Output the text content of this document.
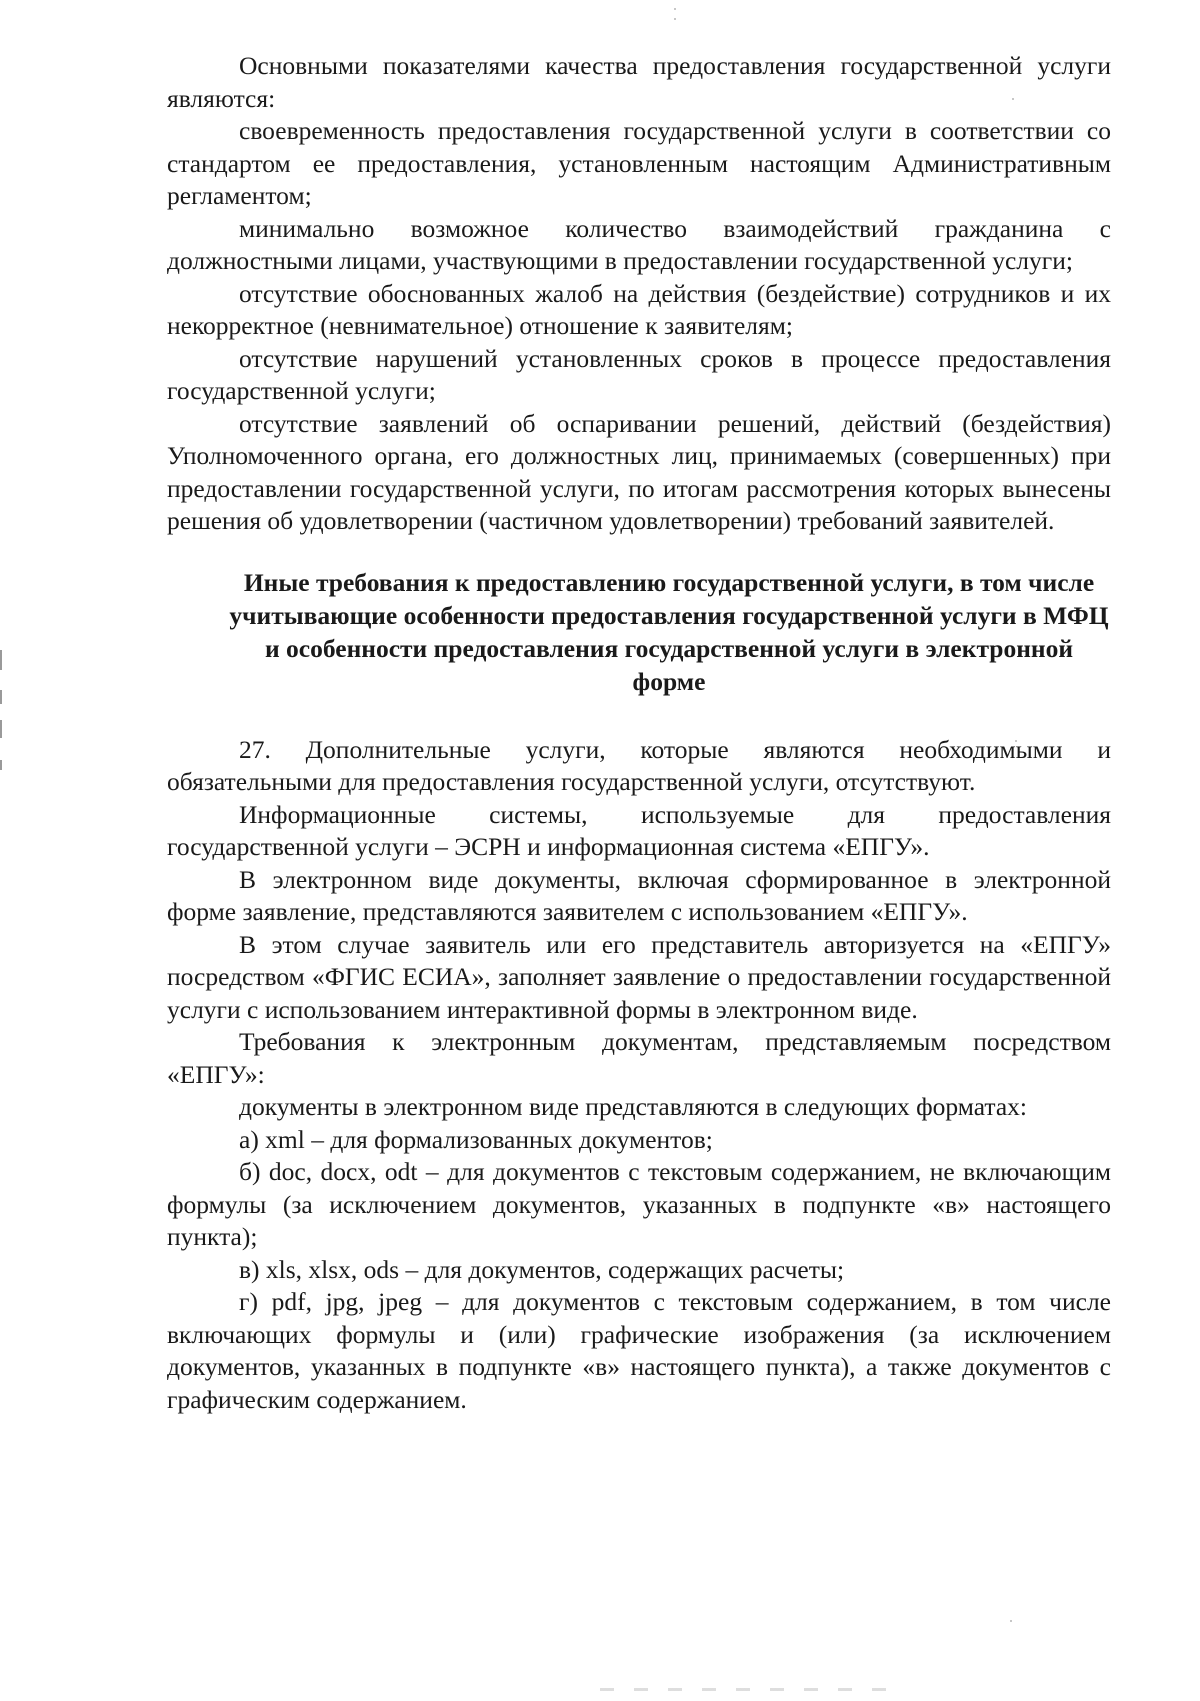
Основными показателями качества предоставления государственной услуги являются:

своевременность предоставления государственной услуги в соответствии со стандартом ее предоставления, установленным настоящим Административным регламентом;

минимально возможное количество взаимодействий гражданина с должностными лицами, участвующими в предоставлении государственной услуги;

отсутствие обоснованных жалоб на действия (бездействие) сотрудников и их некорректное (невнимательное) отношение к заявителям;

отсутствие нарушений установленных сроков в процессе предоставления государственной услуги;

отсутствие заявлений об оспаривании решений, действий (бездействия) Уполномоченного органа, его должностных лиц, принимаемых (совершенных) при предоставлении государственной услуги, по итогам рассмотрения которых вынесены решения об удовлетворении (частичном удовлетворении) требований заявителей.

Иные требования к предоставлению государственной услуги, в том числе учитывающие особенности предоставления государственной услуги в МФЦ и особенности предоставления государственной услуги в электронной форме

27. Дополнительные услуги, которые являются необходимыми и обязательными для предоставления государственной услуги, отсутствуют.

Информационные системы, используемые для предоставления государственной услуги – ЭСРН и информационная система «ЕПГУ».

В электронном виде документы, включая сформированное в электронной форме заявление, представляются заявителем с использованием «ЕПГУ».

В этом случае заявитель или его представитель авторизуется на «ЕПГУ» посредством «ФГИС ЕСИА», заполняет заявление о предоставлении государственной услуги с использованием интерактивной формы в электронном виде.

Требования к электронным документам, представляемым посредством «ЕПГУ»:

документы в электронном виде представляются в следующих форматах:

а) xml – для формализованных документов;

б) doc, docx, odt – для документов с текстовым содержанием, не включающим формулы (за исключением документов, указанных в подпункте «в» настоящего пункта);

в) xls, xlsx, ods – для документов, содержащих расчеты;

г) pdf, jpg, jpeg – для документов с текстовым содержанием, в том числе включающих формулы и (или) графические изображения (за исключением документов, указанных в подпункте «в» настоящего пункта), а также документов с графическим содержанием.
